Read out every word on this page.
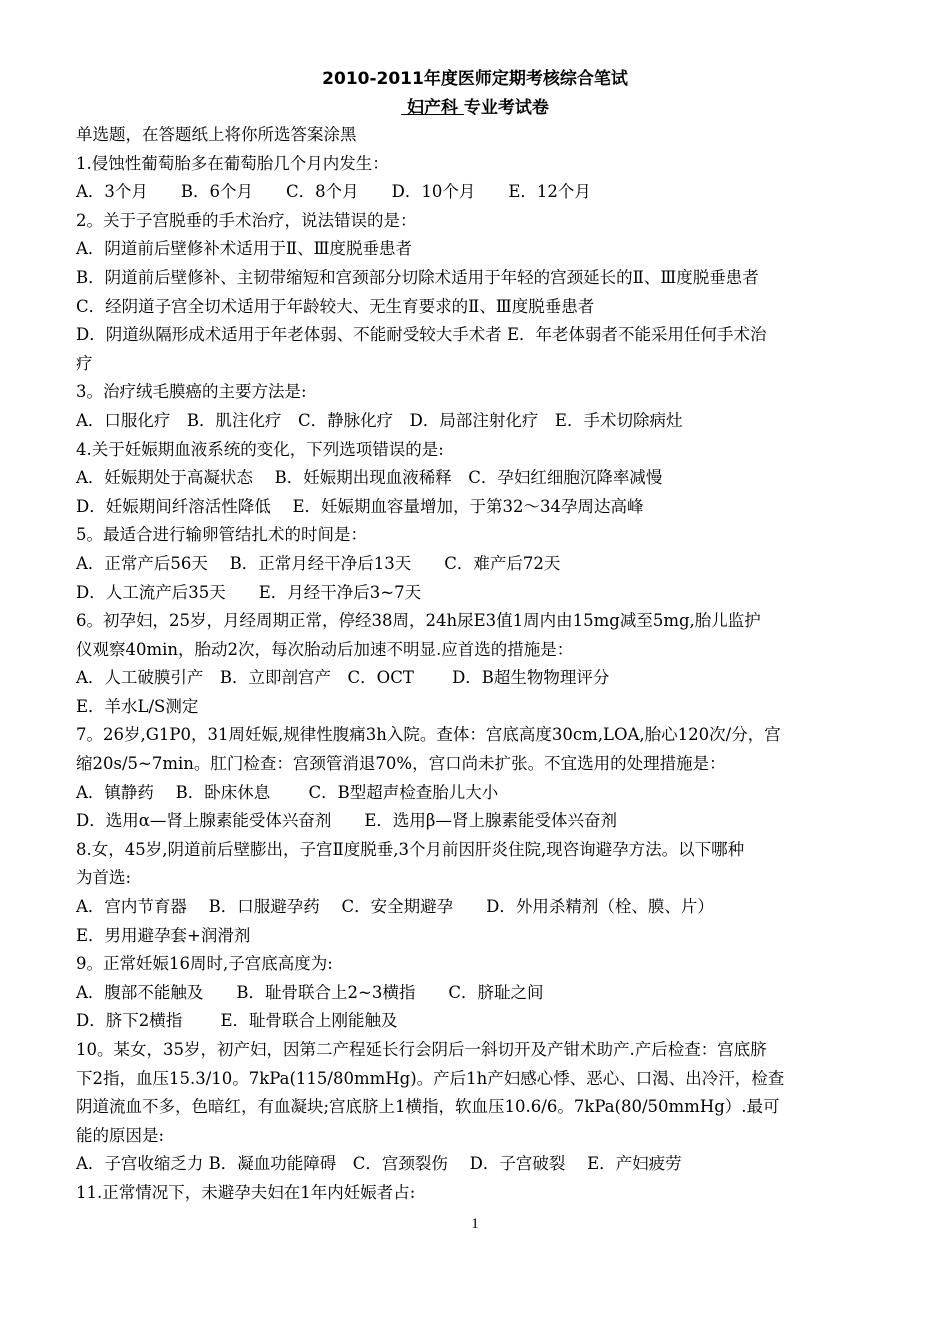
2010-2011年度医师定期考核综合笔试
妇产科 专业考试卷
单选题，在答题纸上将你所选答案涂黑
1.侵蚀性葡萄胎多在葡萄胎几个月内发生：
A．3个月　　B．6个月　　C．8个月　　D．10个月　　E．12个月
2。关于子宫脱垂的手术治疗，说法错误的是：
A．阴道前后壁修补术适用于Ⅱ、Ⅲ度脱垂患者
B．阴道前后壁修补、主韧带缩短和宫颈部分切除术适用于年轻的宫颈延长的Ⅱ、Ⅲ度脱垂患者
C．经阴道子宫全切术适用于年龄较大、无生育要求的Ⅱ、Ⅲ度脱垂患者
D．阴道纵隔形成术适用于年老体弱、不能耐受较大手术者 E．年老体弱者不能采用任何手术治
疗
3。治疗绒毛膜癌的主要方法是:
A．口服化疗　B．肌注化疗　C．静脉化疗　D．局部注射化疗　E．手术切除病灶
4.关于妊娠期血液系统的变化，下列选项错误的是:
A．妊娠期处于高凝状态　 B．妊娠期出现血液稀释　C．孕妇红细胞沉降率减慢
D．妊娠期间纤溶活性降低　 E．妊娠期血容量增加，于第32～34孕周达高峰
5。最适合进行输卵管结扎术的时间是：
A．正常产后56天　 B．正常月经干净后13天　　C．难产后72天
D．人工流产后35天　　E．月经干净后3~7天
6。初孕妇，25岁，月经周期正常，停经38周，24h尿E3值1周内由15mg减至5mg,胎儿监护
仪观察40min，胎动2次，每次胎动后加速不明显.应首选的措施是：
A．人工破膜引产　B．立即剖宫产　C．OCT　　 D．B超生物物理评分
E．羊水L/S测定
7。26岁,G1P0，31周妊娠,规律性腹痛3h入院。查体：宫底高度30cm,LOA,胎心120次/分，宫
缩20s/5~7min。肛门检查：宫颈管消退70%，宫口尚未扩张。不宜选用的处理措施是：
A．镇静药　 B．卧床休息　　 C．B型超声检查胎儿大小
D．选用α—肾上腺素能受体兴奋剂　　E．选用β—肾上腺素能受体兴奋剂
8.女，45岁,阴道前后壁膨出，子宫Ⅱ度脱垂,3个月前因肝炎住院,现咨询避孕方法。以下哪种
为首选:
A．宫内节育器　 B．口服避孕药　 C．安全期避孕　　D．外用杀精剂（栓、膜、片）
E．男用避孕套+润滑剂
9。正常妊娠16周时,子宫底高度为:
A．腹部不能触及　　B．耻骨联合上2~3横指　　C．脐耻之间
D．脐下2横指　　 E．耻骨联合上刚能触及
10。某女，35岁，初产妇，因第二产程延长行会阴后一斜切开及产钳术助产.产后检查：宫底脐
下2指，血压15.3/10。7kPa(115/80mmHg)。产后1h产妇感心悸、恶心、口渴、出冷汗，检查
阴道流血不多，色暗红，有血凝块;宫底脐上1横指，软血压10.6/6。7kPa(80/50mmHg）.最可
能的原因是:
A．子宫收缩乏力 B．凝血功能障碍　C．宫颈裂伤　 D．子宫破裂　 E．产妇疲劳
11.正常情况下，未避孕夫妇在1年内妊娠者占:
1
